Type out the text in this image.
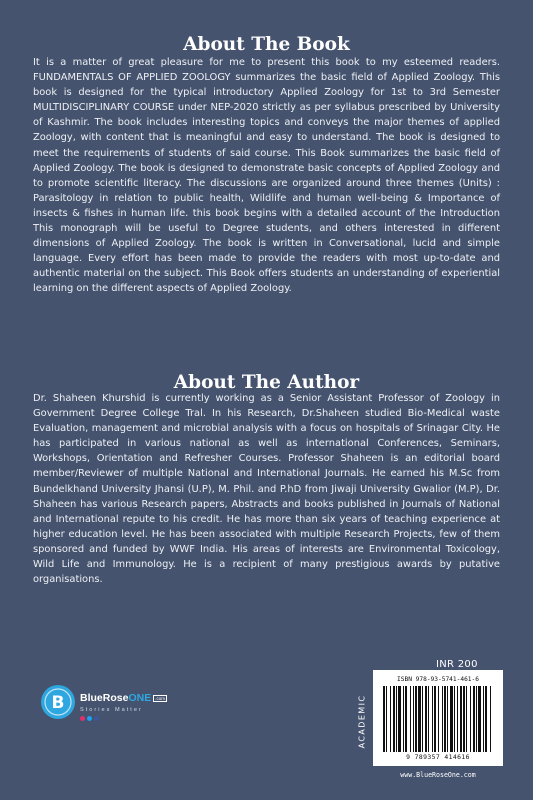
About The Book

It is a matter of great pleasure for me to present this book to my esteemed readers. FUNDAMENTALS OF APPLIED ZOOLOGY summarizes the basic field of Applied Zoology. This book is designed for the typical introductory Applied Zoology for 1st to 3rd Semester MULTIDISCIPLINARY COURSE under NEP-2020 strictly as per syllabus prescribed by University of Kashmir. The book includes interesting topics and conveys the major themes of applied Zoology, with content that is meaningful and easy to understand. The book is designed to meet the requirements of students of said course. This Book summarizes the basic field of Applied Zoology. The book is designed to demonstrate basic concepts of Applied Zoology and to promote scientific literacy. The discussions are organized around three themes (Units) : Parasitology in relation to public health, Wildlife and human well-being & Importance of insects & fishes in human life. this book begins with a detailed account of the Introduction This monograph will be useful to Degree students, and others interested in different dimensions of Applied Zoology. The book is written in Conversational, lucid and simple language. Every effort has been made to provide the readers with most up-to-date and authentic material on the subject. This Book offers students an understanding of experiential learning on the different aspects of Applied Zoology.

About The Author

Dr. Shaheen Khurshid is currently working as a Senior Assistant Professor of Zoology in Government Degree College Tral. In his Research, Dr.Shaheen studied Bio-Medical waste Evaluation, management and microbial analysis with a focus on hospitals of Srinagar City. He has participated in various national as well as international Conferences, Seminars, Workshops, Orientation and Refresher Courses. Professor Shaheen is an editorial board member/Reviewer of multiple National and International Journals. He earned his M.Sc from Bundelkhand University Jhansi (U.P), M. Phil. and P.hD from Jiwaji University Gwalior (M.P), Dr. Shaheen has various Research papers, Abstracts and books published in Journals of National and International repute to his credit. He has more than six years of teaching experience at higher education level. He has been associated with multiple Research Projects, few of them sponsored and funded by WWF India. His areas of interests are Environmental Toxicology, Wild Life and Immunology. He is a recipient of many prestigious awards by putative organisations.

B BlueRoseONE .com
Stories Matter
INR 200
ACADEMIC
ISBN 978-93-5741-461-6
9 789357 414616
www.BlueRoseOne.com
